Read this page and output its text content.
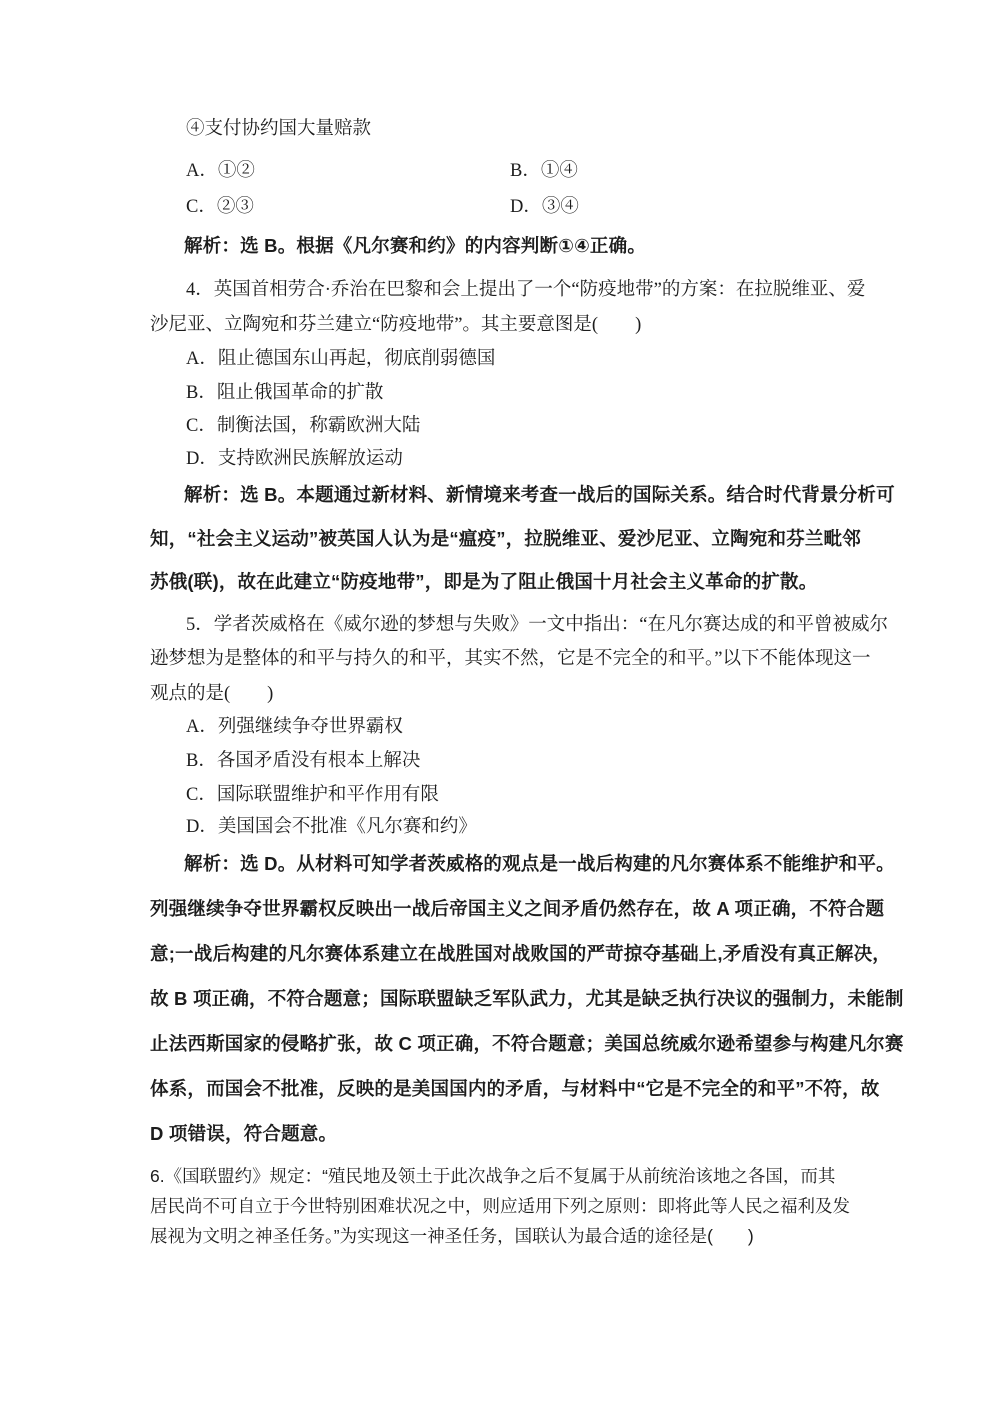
④支付协约国大量赔款
A．①②	B．①④
C．②③	D．③④
解析：选 B。根据《凡尔赛和约》的内容判断①④正确。
4．英国首相劳合·乔治在巴黎和会上提出了一个“防疫地带”的方案：在拉脱维亚、爱
沙尼亚、立陶宛和芬兰建立“防疫地带”。其主要意图是(　　)
A．阻止德国东山再起，彻底削弱德国
B．阻止俄国革命的扩散
C．制衡法国，称霸欧洲大陆
D．支持欧洲民族解放运动
解析：选 B。本题通过新材料、新情境来考查一战后的国际关系。结合时代背景分析可
知，“社会主义运动”被英国人认为是“瘟疫”，拉脱维亚、爱沙尼亚、立陶宛和芬兰毗邻
苏俄(联)，故在此建立“防疫地带”，即是为了阻止俄国十月社会主义革命的扩散。
5．学者茨威格在《威尔逊的梦想与失败》一文中指出：“在凡尔赛达成的和平曾被威尔
逊梦想为是整体的和平与持久的和平，其实不然，它是不完全的和平。”以下不能体现这一
观点的是(　　)
A．列强继续争夺世界霸权
B．各国矛盾没有根本上解决
C．国际联盟维护和平作用有限
D．美国国会不批准《凡尔赛和约》
解析：选 D。从材料可知学者茨威格的观点是一战后构建的凡尔赛体系不能维护和平。
列强继续争夺世界霸权反映出一战后帝国主义之间矛盾仍然存在，故 A 项正确，不符合题
意;一战后构建的凡尔赛体系建立在战胜国对战败国的严苛掠夺基础上,矛盾没有真正解决，
故 B 项正确，不符合题意；国际联盟缺乏军队武力，尤其是缺乏执行决议的强制力，未能制
止法西斯国家的侵略扩张，故 C 项正确，不符合题意；美国总统威尔逊希望参与构建凡尔赛
体系，而国会不批准，反映的是美国国内的矛盾，与材料中“它是不完全的和平”不符，故
D 项错误，符合题意。
6.《国联盟约》规定：“殖民地及领土于此次战争之后不复属于从前统治该地之各国，而其
居民尚不可自立于今世特别困难状况之中，则应适用下列之原则：即将此等人民之福利及发
展视为文明之神圣任务。”为实现这一神圣任务，国联认为最合适的途径是(　　)
